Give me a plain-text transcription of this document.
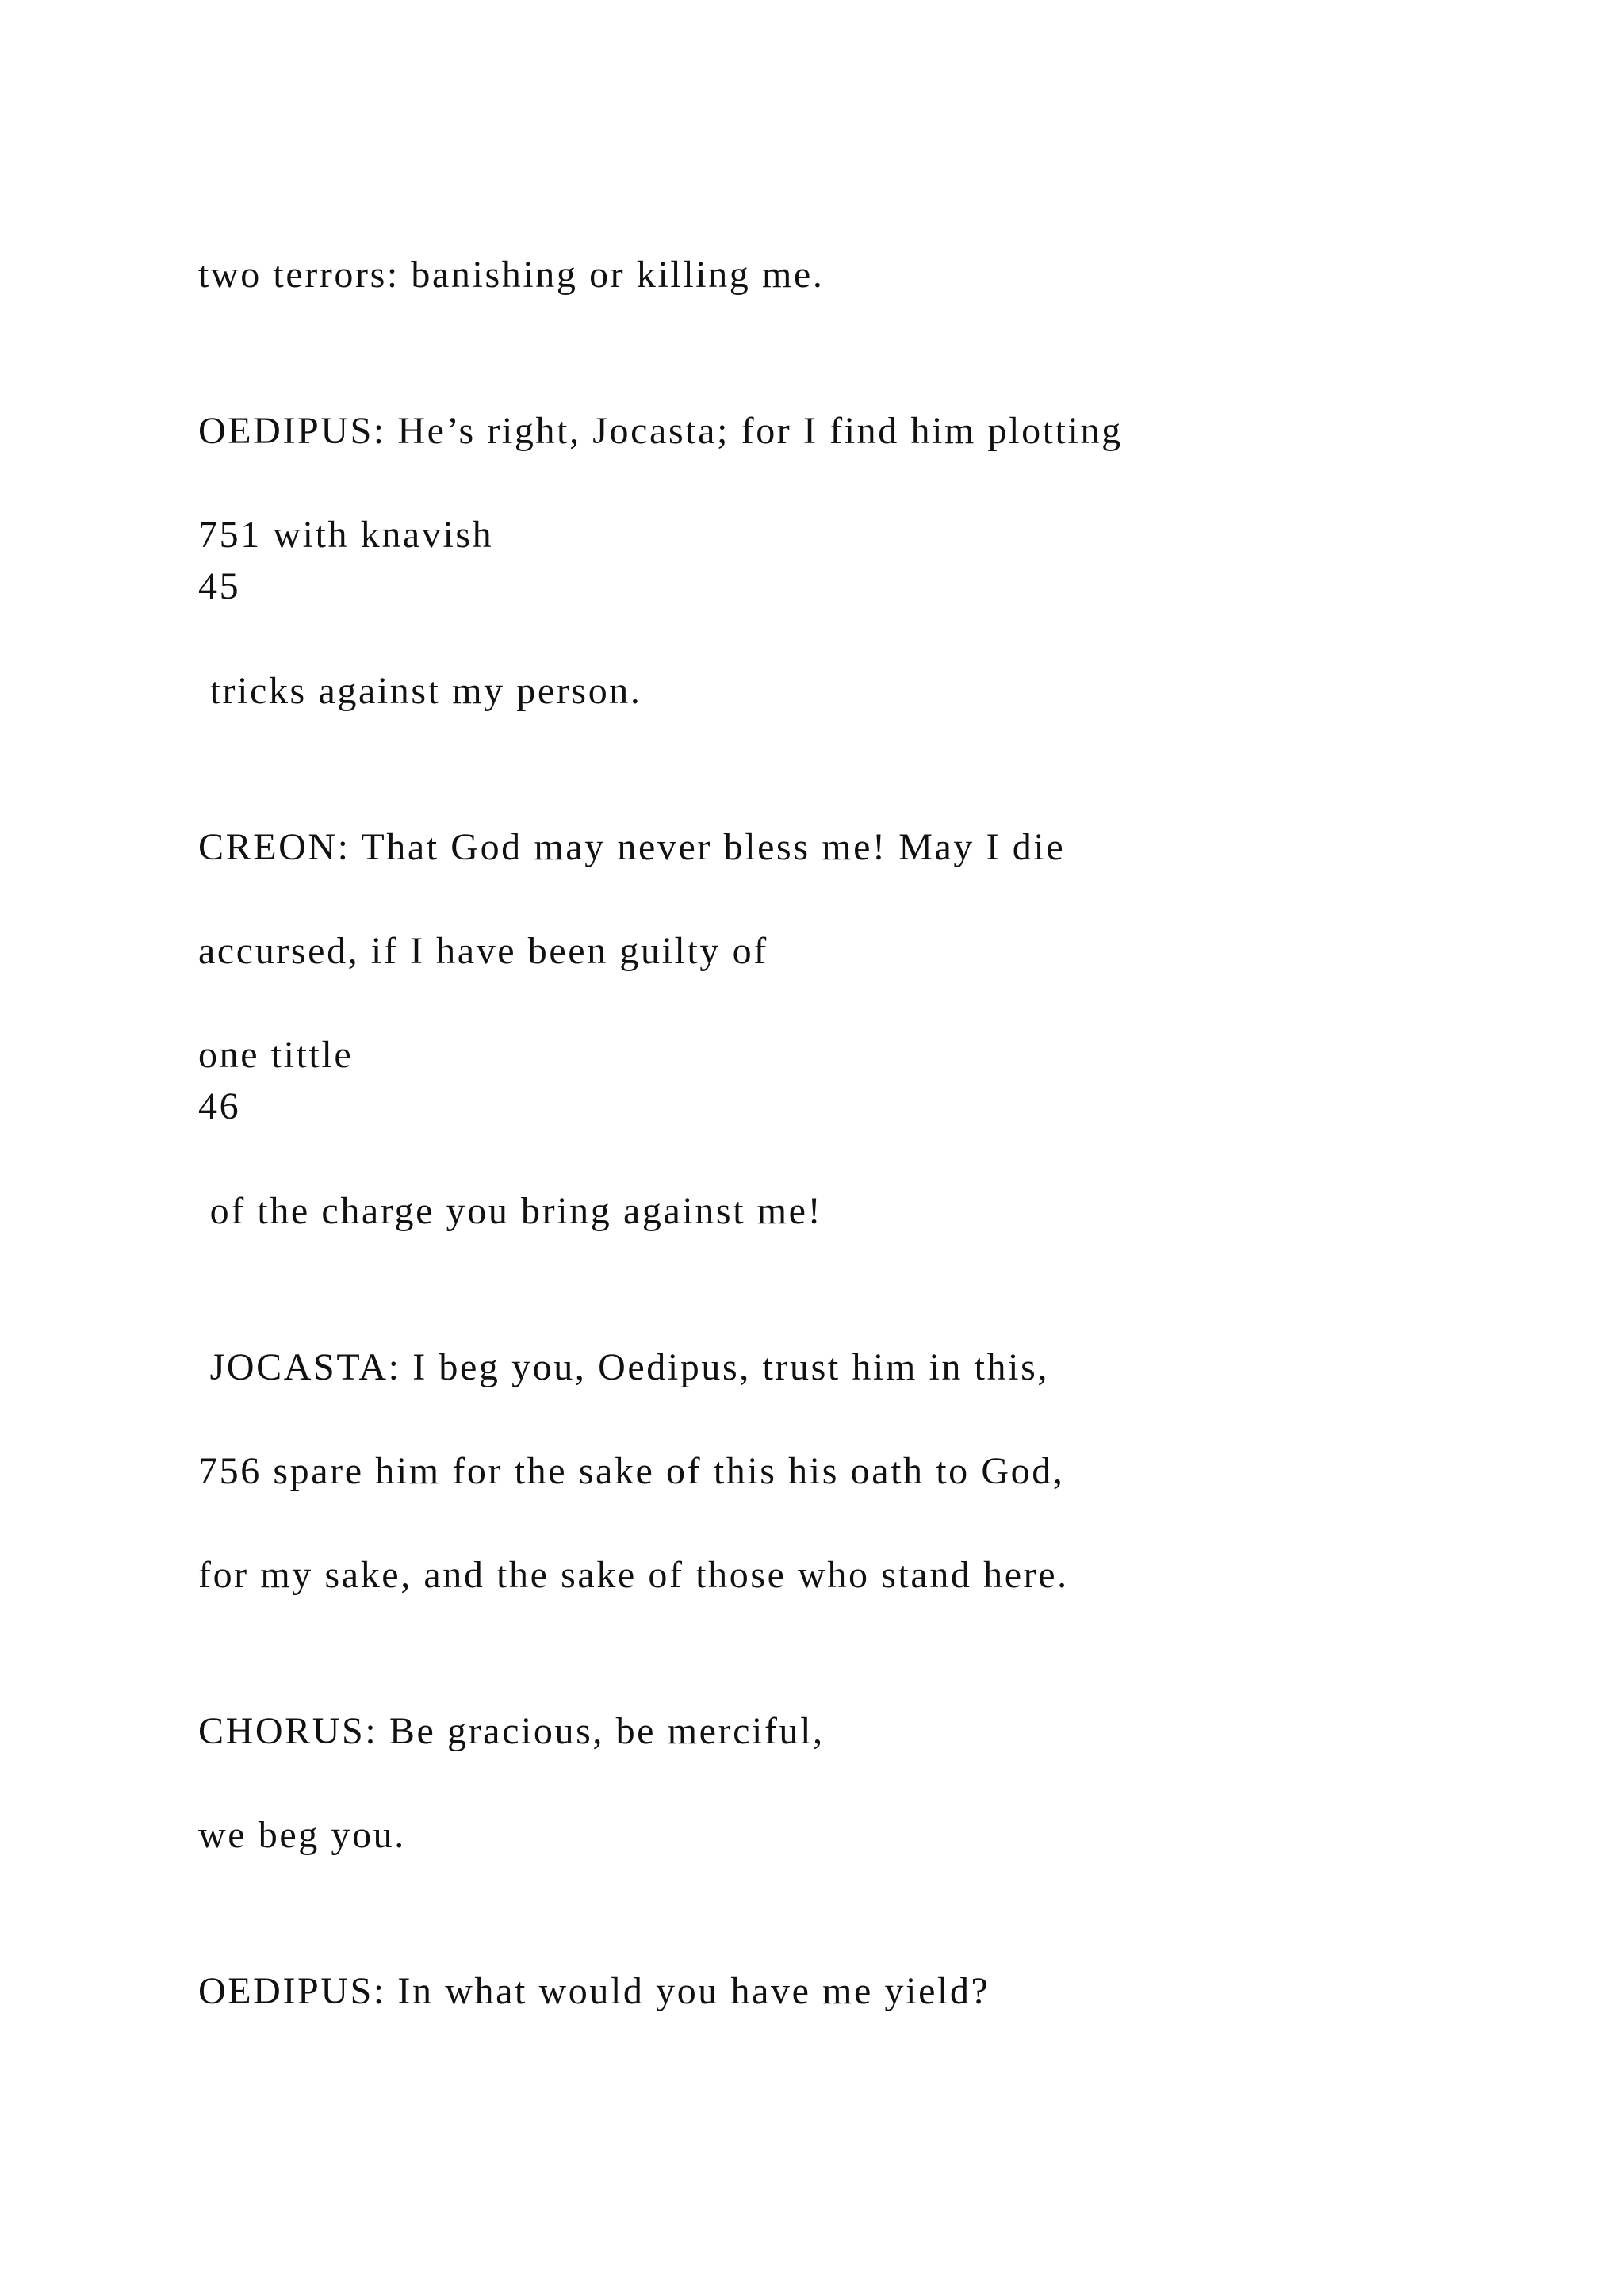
two terrors: banishing or killing me.

OEDIPUS: He’s right, Jocasta; for I find him plotting

751 with knavish

45

tricks against my person.

CREON: That God may never bless me! May I die

accursed, if I have been guilty of

one tittle

46

of the charge you bring against me!

JOCASTA: I beg you, Oedipus, trust him in this,

756 spare him for the sake of this his oath to God,

for my sake, and the sake of those who stand here.

CHORUS: Be gracious, be merciful,

we beg you.

OEDIPUS: In what would you have me yield?
